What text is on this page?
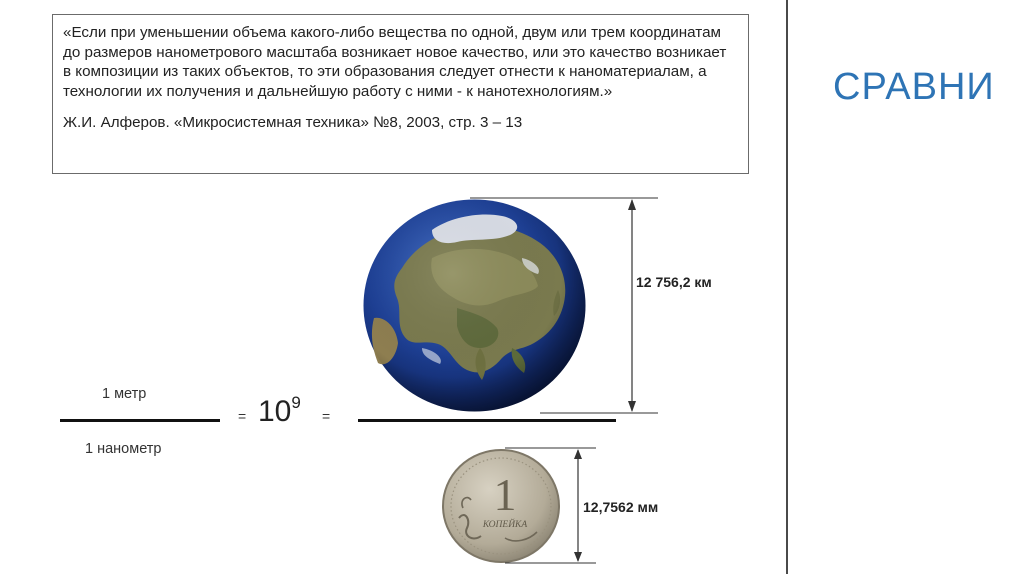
«Если при уменьшении объема какого-либо вещества по одной, двум или трем координатам до размеров нанометрового масштаба возникает новое качество, или это качество возникает в композиции из таких объектов, то эти образования следует отнести к наноматериалам, а технологии их получения и дальнейшую работу с ними - к нанотехнологиям.»

Ж.И. Алферов. «Микросистемная техника» №8, 2003, стр. 3 – 13

СРАВНИ
1 метр
1 нанометр
= $10^9$
=
1
КОПЕЙКА
12 756,2 км
12,7562 мм
